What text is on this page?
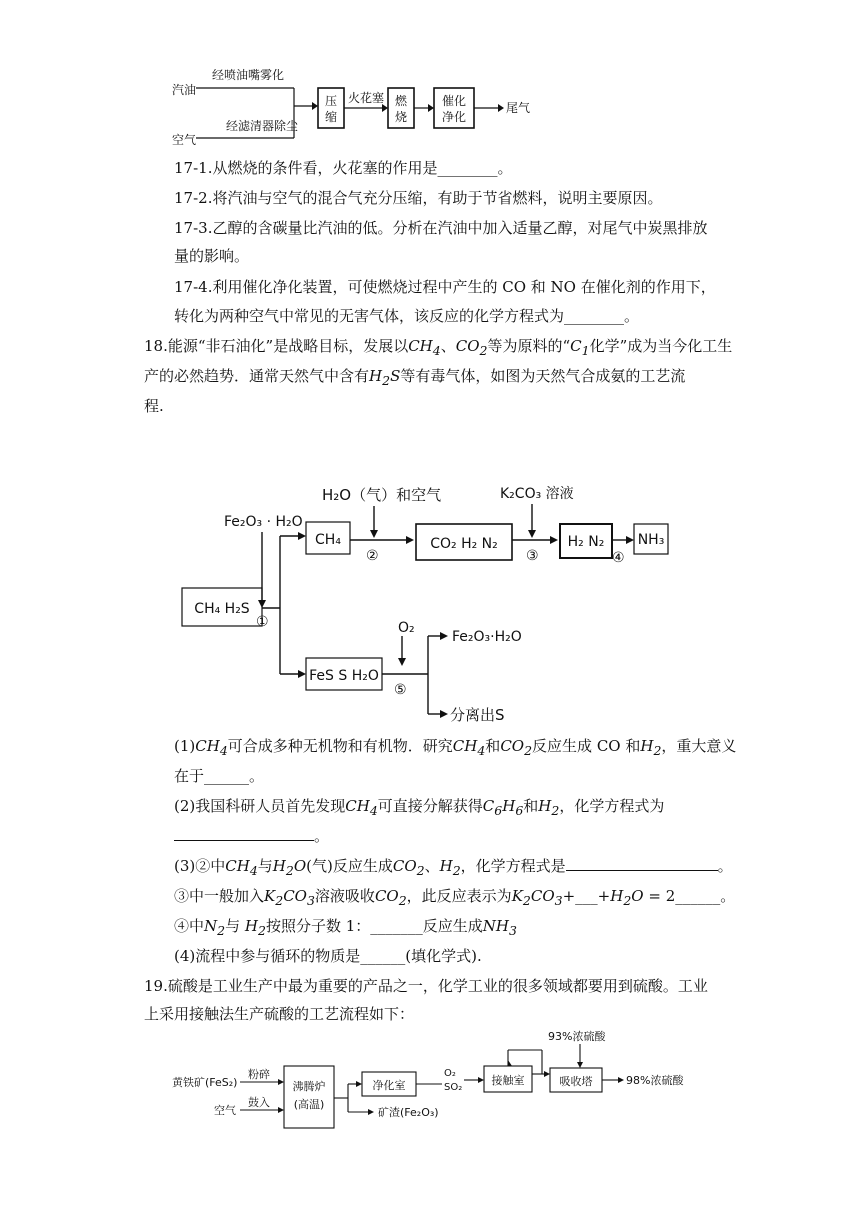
汽油
空气
经喷油嘴雾化
经滤清器除尘
压
缩
火花塞 燃
烧
催化
净化
尾气
17-1.从燃烧的条件看，火花塞的作用是________。
17-2.将汽油与空气的混合气充分压缩，有助于节省燃料，说明主要原因。
17-3.乙醇的含碳量比汽油的低。分析在汽油中加入适量乙醇，对尾气中炭黑排放
量的影响。
17-4.利用催化净化装置，可使燃烧过程中产生的 CO 和 NO 在催化剂的作用下，
转化为两种空气中常见的无害气体，该反应的化学方程式为________。
18.能源“非石油化”是战略目标，发展以$CH_4$、$CO_2$等为原料的“$C_1$化学”成为当今化工生
产的必然趋势．通常天然气中含有$H_2S$等有毒气体，如图为天然气合成氨的工艺流
程.
CH₄ H₂S
Fe₂O₃ · H₂O
①
CH₄
H₂O（气）和空气
②
CO₂ H₂ N₂
K₂CO₃ 溶液
③
H₂ N₂
④
NH₃
FeS S H₂O
O₂
⑤
Fe₂O₃·H₂O
分离出S
$(1)CH_4$可合成多种无机物和有机物．研究$CH_4$和$CO_2$反应生成 CO 和$H_2$，重大意义
在于______。
(2)我国科研人员首先发现$CH_4$可直接分解获得$C_6H_6$和$H_2$，化学方程式为
。
(3)②中$CH_4$与$H_2O$(气)反应生成$CO_2$、$H_2$，化学方程式是	。
③中一般加入$K_2CO_3$溶液吸收$CO_2$，此反应表示为$K_2CO_3+\_\_\_+H_2O$ = 2______。
④中$N_2$与 $H_2$按照分子数 1：_______反应生成$NH_3$
(4)流程中参与循环的物质是______(填化学式).
19.硫酸是工业生产中最为重要的产品之一，化学工业的很多领域都要用到硫酸。工业
上采用接触法生产硫酸的工艺流程如下：
黄铁矿(FeS₂)
粉碎
空气
鼓入
沸腾炉
(高温)
净化室
矿渣(Fe₂O₃)
O₂
SO₂
接触室
93%浓硫酸
吸收塔	98%浓硫酸
